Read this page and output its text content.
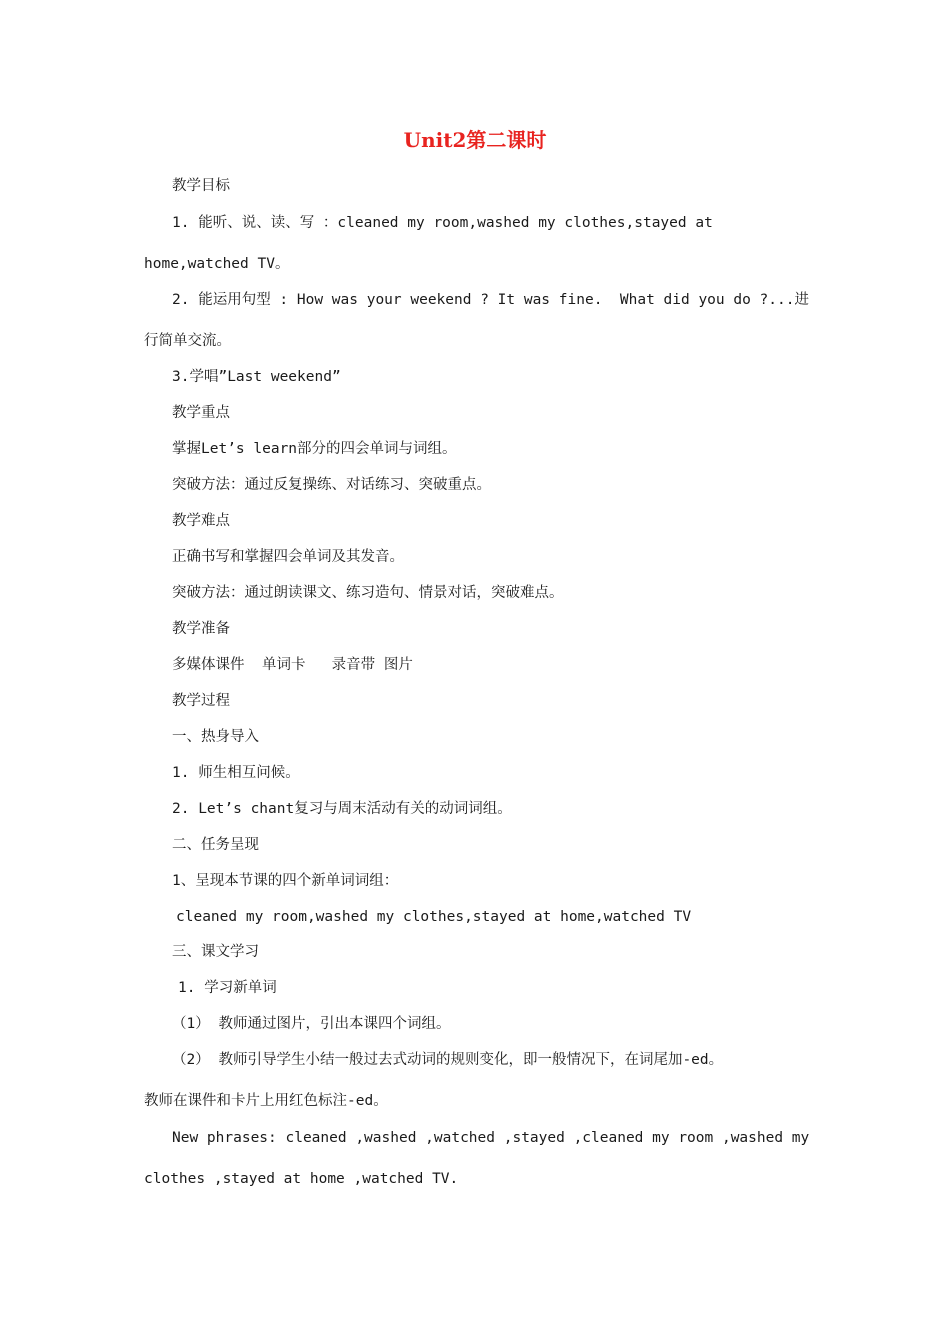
Unit2第二课时
教学目标
1. 能听、说、读、写 ：cleaned my room,washed my clothes,stayed at
home,watched TV。
2. 能运用句型 : How was your weekend ? It was fine.  What did you do ?...进
行简单交流。
3.学唱”Last weekend”
教学重点
掌握Let’s learn部分的四会单词与词组。
突破方法：通过反复操练、对话练习、突破重点。
教学难点
正确书写和掌握四会单词及其发音。
突破方法：通过朗读课文、练习造句、情景对话，突破难点。
教学准备
多媒体课件  单词卡   录音带 图片
教学过程
一、热身导入
1. 师生相互问候。
2. Let’s chant复习与周末活动有关的动词词组。
二、任务呈现
1、呈现本节课的四个新单词词组：
cleaned my room,washed my clothes,stayed at home,watched TV
三、课文学习
1. 学习新单词
（1） 教师通过图片，引出本课四个词组。
（2） 教师引导学生小结一般过去式动词的规则变化，即一般情况下，在词尾加-ed。
教师在课件和卡片上用红色标注-ed。
New phrases: cleaned ,washed ,watched ,stayed ,cleaned my room ,washed my
clothes ,stayed at home ,watched TV.
